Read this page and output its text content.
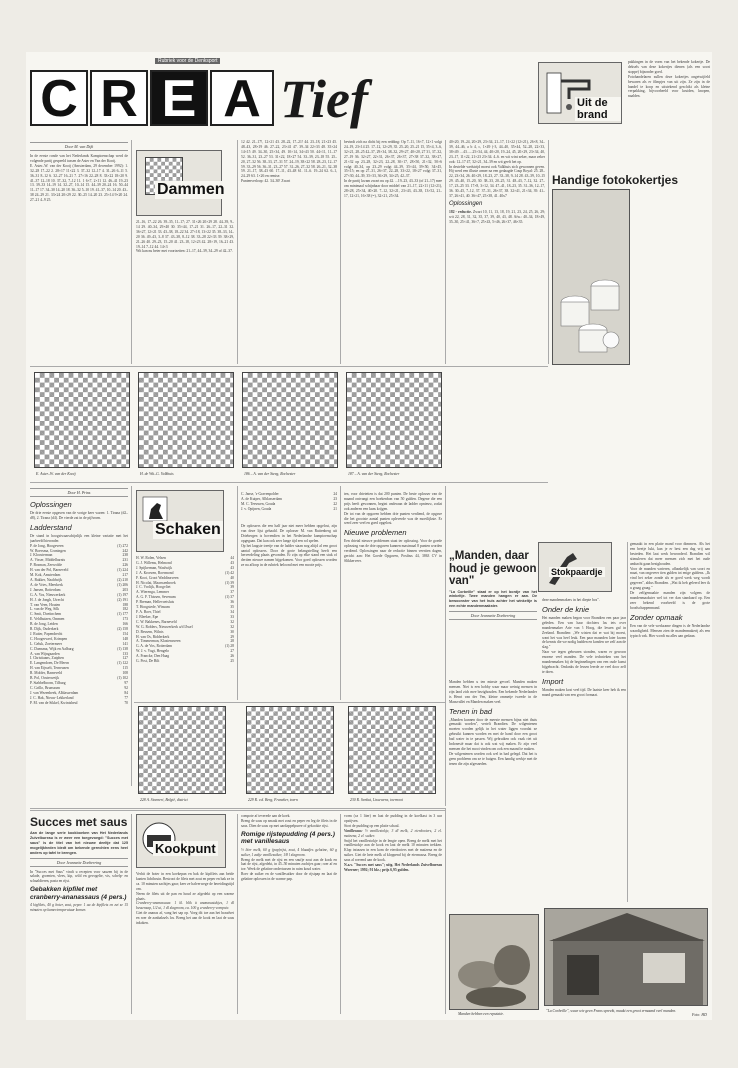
Rubriek voor de Denksport
C R E A Tief	Uit de brand
Door M. van Dijk

In de eerste ronde van het Nederlands Kampioenschap werd de volgende partij gespeeld tussen de Aster en Van der Kooij.

E. Aster–W. van der Kooij (Amsterdam, 29 december 1992): 1. 32–28 17–22 2. 28×17 11×22 3. 37–32 12–17 4. 31–26 6–11 5. 36–31 8–12 6. 32–27 16–21 7. 27×16 22–28 8. 33×22 18×20 9. 41–37 12–18 10. 37–32, 7–12 11. 1 6×7, 2×11 12. 46–41 19–23 13. 39–33 14–19 14. 32–27, 10–14 15. 44–39 20–24 16. 50–44 11–17 17. 34–30 14–20 18. 36–32 5–10 19. 41–37, 10–14 20. 43–38 24–29 21. 33×24 20×29 22. 30–25 14–20 23. 25×14 9×20 24. 27–21 4–9 25.

Dammen

21–16, 17–22 26. 39–35, 11–17; 27. 31×26 20×29 28. 44–39, 9–14 29. 40–34, 29×40 30. 35×44, 17–21 31. 26–17, 22–31 32. 36×27, 12×21 33. 43–38, 18–22 34. 27×18, 13×22 35. 38–33, 14–20 36. 49–43, 3–8 37. 43–38, 8–12 38. 33–28 22×33 39. 38×29, 21–26 40. 29–23, 15–20 41. 23–18, 12×23 42. 28×19, 16–21 43. 19–14 7–12 44. 14×3

Wit kan nu beter met voortzetten: 21–17, 44–39, 34–29 of 42–37.

12 42. 21–17!, 12×21 43. 28–22, 17–21! 44. 23–18, 21×23 45. 48–43, 28×19 46. 27–22, 23×41 47. 39–34 22×33 48. 35×24 14×15 49. 34–30, 25×34, 49. 10×14, 34×43 50. 44×11, 11–17 52. 36–31, 23–27 53. 31×22, 18×27 54. 33–39, 23–18 55. 25–20, 27–32 56. 38–33, 27–31 57. 24–19, 38×22 58. 28–23, 12–17 59. 33–29 56. 36–31, 23–27 57. 31–26, 27–32 58. 26–21, 32–38 59. 21–17, 38–43 60. 17–11, 43–48 61. 11–6. 19–24 62. 6–1, 24–29 63. 1×26 en remise.

Puntenverloop: 42. 34–30! Zwart

bevindt zich na dicht bij een redding: Op 7–11, 16×7, 12×1 volgt 24–19, 23×14 25. 17–12, 12×29, 35. 25–20, 25–21 15, 35×4, 3–6, 32×21, 28–25 42–37, 29×34, 38–32, 29×27, 40×20, 27 31, 37–32, 27–19 36. 32×27, 22×31, 26×37, 26×37, 27×38 37–32, 38×27, 21×32 op 23–28, 32×23, 22–28, 30×17, 28×50, 21×32, 50×6 volgt 40–34, op 23–29 volgt 44–39, 35×44, 39×50, 34×45, 35×15; en op 27–31, 26×37, 22–28, 33×22, 18×27 volgt 37–31, 27×30, 44–39, 35×33, 36×29, 34×25, 42–37.

In de partij kwam zwart nu op 42. ...19–23, 43–33 (of 21–17) mee om minimaal schijnbaar door middel van 21–17, 22×11 (12×21), 28×28, 25×34, 40×20. 7–12, 32×21, 23×43, 43–38, 13×52, 21–17, 12×21, 16×38 (=), 32×21, 25×34.

40×20, 19–24, 20×29, 23×34, 21–17, 11×22 (12×21), 26×8, 34–39, 44–46, a b 4, c, 1×49 (-3, 44–40, 35×44, 52–28, 22×33, 38×49. ...43......25×34, 44, 40×20, 19–24, 45, 20×29, 23×34, 40, 23–17, 11×22, 21×23 23×34. 4–6. en wit wint zeker, maar zeker ook: 12–17 47, 32×21, 34–39 en wit geeft het op.

In destelde wedstrijd moest ook Valkhuis zich gewonnen geven. Hij werd een illuste armer na een gedaagde Coup Royal: 25. 28–22, 23×34, 26. 40×29, 18–23, 27. 33–38, 9–14 28. 43–39, 10–15 29. 45–40, 15–20, 30. 38–33, 20–25, 31. 48–43, 7–12, 32. 27–17, 23–25 33. 17×8, 3×12, 34. 47–41, 18–23, 35. 31–36, 12–17, 36. 30–45, 7–12, 37. 37–31, 26×37, 38. 32×41, 21×34, 39. 41–37, 26×41, 40. 36×47, 25×38, 41. 40x7

Oplossingen

182 - reductie. Zwart 10, 11, 13, 18, 19, 21, 23, 24, 25, 26, 29; wit 22, 28, 31, 32, 35, 37, 39, 40, 43, 48. Afw.: 40–34, 18×49, 35–30, 25×41, 36×7, 25×43, 5×46, 26×37, 46×35.

pakkingen in de vorm van het bekende kokertje. De deksels van deze kokertjes dienen (als een soort stoppe) bijzonder goed.

Fotohandelaren zullen deze kokertjes ongetwijfeld bewaren als er filmpjes van uit zijn. Ze zijn in de handel te koop en uitstekend geschikt als kleine verpakking, bijvoorbeeld voor kruiden, knopen, naalden.

Handige fotokokertjes

E. Aster–W. van der Kooij	H. de Wit–G. Valkhuis	186 – A. van der Steeg, Rochester	187 – A. van der Steeg, Rochester
Door H. Prins
Oplossingen

De drie eerste opgaven van de vorige keer waren: 1. Tirana (d2–d8), 2. Tirana (d4). De vierde zat in de pijlvorm.

Ladderstand

De stand in hoogstwaarschijnlijk een kleine variatie met het jaarbeeld hieronder.

P. de Jong, Hoogeveen	(1) 272
W. Boersma, Groningen	242
J. Kloosterman	238
A. Visser, Middelharnis	231
P. Bosman, Zeewolde	226
H. van der Pol, Barneveld	(1) 224
M. Kok, Amsterdam	217
A. Bakker, Naaldwijk	(2) 210
A. de Vries, Meerkerk	(1) 206
J. Jansen, Rotterdam	203
G. A. Vos, Nieuwerkerk	(1) 197
H. J. de Jongh, Utrecht	(2) 191
T. van Veen, Houten	188
L. van de Weg, Silk	182
C. Smit, Doetinchem	(1) 177
E. Veldhuizen, Ommen	173
B. de Jong, Leiden	166
R. Dijk, Ouderkerk	(2) 158
J. Ruiter, Papendrecht	154
C. Hoogerwerf, Krimpen	148
L. Geluk, Zoetermeer	141
C. Damsma, Wijk en Aalburg	(1) 138
A. van Wijngaarden	133
I. Christiaans, Zutphen	127
E. Langendoen, De Meern	(1) 122
H. van Eijsselt, Terneuzen	115
R. Molder, Barneveld	108
B. Pol, Oosterweijk	(1) 102
P. Stabbelboom, Tilburg	97
C. Grillo, Brunssum	92
J. van Wezenbeek, Alblasserdam	84
J. C. Hak, Nieuw-Lekkerland	77
P. M. van de Sikkel, Kwintsheul	70
Schaken
H. W. Rolen, Velsen	44
G. J. Willems, Helmond	43
J. Spijkerman, Waalwijk	43
J. A. Kroezen, Roermond	(1) 42
F. Kooi, Groot Waddinxveen	40
H. Nicolai, Maarssenbroek	(1) 39
J. C. Vrolijk, Hoogvliet	39
A. Wierenga, Lemmer	37
A. G. F. Thissen, Sevenum	(1) 37
P. Breman, Hellevoetsluis	36
T. Hoogstede, Winsum	35
F. A. Boer, Thiel	34
J. Bleeker, Epe	33
C. W. Bakkenes, Barneveld	32
W. G. Roblers, Nieuwerkerk a/d IJssel	32
D. Bessem, Wilnis	30
H. van Os, Ridderkerk	29
A. Timmerman, Klazienaveen	28
G. A. de Vos, Rotterdam	(1) 28
W. J. v. Vugt, Hengelo	27
A. Francke, Den Haag	26
G. Post, De Bilt	25
C. Janse, 's-Gravenpolder	24
A. de Kuiper, Alblasserdam	23
M. C. Teeuwen, Gouda	22
J. v. Opijnen, Gouda	21

De oplossers die een half jaar niet meer hebben opgelost, zijn van deze lijst gehaald. De oplosser M. van Ruttenberg uit Driebergen is bovendien in het Nederlandse kampioenschap opgegaan. Dat kan ook zeer lange tijd een rol spelen.

Op het laagste treetje van de ladder staan nog altijd al een groot aantal oplossers. Door de grote belangstelling heeft een herverdeling plaats gevonden. Er zijn op elke stand een stuk of dertien nieuwe namen bijgekomen. Voor goed oplossen worden ze na afloop in de rubriek beloond met een mooie prijs.

ten, voor drietetten is dat 200 punten. De beste oplosser van de maand ontvangt een boekenbon van 50 gulden. Degene die een prijs heeft gewonnen, begint onderaan de ladder opnieuw, zodat ook anderen een kans krijgen.

De tot van de opgaven hebben drie punten verdiend, de opgave die het grootste aantal punten opleverde was de moeilijkste. Er werd zeer veel en goed opgelost.

Nieuwe problemen

Een drietal nieuwe problemen staat ter oplossing. Voor de goede oplossing van de drie opgaven kunnen maximaal 8 punten worden verdiend. Oplossingen naar de redactie binnen veertien dagen, gericht aan: Het Goede Opgaven, Postbus 44, 3863 CV in Slikkerveer.

228 A. Stoeneri, België, district	229 R. v.d. Berg, Franeker, toern	230 R. Senkut, Lissewera, toernooi
Stokpaardje
„Manden, daar houd je gewoon van"

"La Corbeille" staat er op het bordje van het winkeltje. Twee manden hangen er aan. De bewoonster van het huis achter het winkeltje is een echte mandenmaakster.

Door Jeannette Doeberring

Manden hebben u ten minste gevoel. Manden maken mensen. Niet is een hobby waar maar weinig mensen in zijn land zich mee bezighouden. Een bekende Nederlander is Henri van der Ven, kleine ommetje tweede in de Maasvallei en Manden maken veel.

Tenen in bad

„Manden kunnen door de meeste mensen bijna niet thuis gemaakt worden", vertelt Brandien. De wilgentenen moeten worden gelijk in het water liggen voordat ze gebruikt kunnen worden en met de hand door een groot bad water in te passen. Wij gebruiken ook vaak riet uit Indonesië maar dat is ook wat wij maken. Er zijn veel mensen die het mooi vinden om ook een maand te maken.

De wilgentenen worden ook wel in bad gelegd. Dat het is geen probleem om ze te buigen. Een handig werkje met de tenen die zijn afgesneden.

deze mandenmakers in het diepte bos".

Onder de knie

Het manden maken begon voor Brandien een paar jaar geleden. Een van haar dochters las iets over mandenmaker Arie van 't Hoog, die lessen gaf in Zeeland. Brandien: „We wisten dat er wat bij moest, want het was heel leuk. Een paar maanden later kwam de kennis die we nodig hadden en konden we zelf aan de slag."

Naar we tegen gebeuren stonden, waren er gewoon enorme veel manden. De vele technieken van het mandenmaken bij de beginnelingen van een oude kunst bijgebracht. Ondanks de lessen leerde ze veel door zelf te doen.

Import

Manden maken kost veel tijd. De laatste keer heb ik een mand gemaakt van een groot formaat.

gemaakt in een platte mand voor dimmers. Als het een beetje lukt, kan je er best een dag vrij aan besteden. Het laat werk bewonderd. Brandien wil stimuleren dat meer mensen zich met het oude ambacht gaan bezighouden.

Voor de manden varieren, afhankelijk van soort en maat, van ongeveer tien gulden tot enige guldens. „Ik vind het zeker zonde als er goed werk weg wordt gegeven", aldus Brandien. „Wat ik heb geleerd leer ik u graag graag."

De zelfgemaakte manden zijn volgens de mandenmaakster wel tot ver dan standaard op. Een zeer bekend voorbeeld is de grote boodschappenmand.

Zonder opmaak

Een van de vele werkzame dingen is de Nederlandse waardigheid. Mensen zien de mandenmakerij als een typisch vak. Hier wordt nu alles aan gedaan.

Succes met saus

Aan de lange serie kookboeken van Het Nederlands Zuivelbureau is er weer een toegevoegd: "Succes met saus" is de titel van het nieuwe deeltje dat 125 mogelijkheden biedt om bekende gerechten eens heel anders op tafel te brengen.

Door Jeannette Doeberring

In "Succes met Saus" vindt u recepten voor sauzen bij in de salade, groenten, vlees, kip, wild en gevogelte, vis, schelp- en schaaldieren, pasta en rijst.

Gebakken kipfilet met cranberry-ananassaus (4 pers.)

4 kipfilets, 40 g boter, zout, peper. 1 aa de kipfilets en zet ze 15 minuten op kamertemperatuur komen.

Kookpunt

Verhit de boter in een koekepan en bak de kipfilets aan beide kanten lichtbruin. Bestrooi de filets met zout en peper en bak ze in ca. 10 minuten zachtjes gaar; keer ze halverwege de bereidingstijd om.

Neem de filets uit de pan en houd ze afgedekt op een warme plaats.

Cranberry-ananassaus: 1 kl. blik à ananassstukjes, 1 dl bessensap, 1/2 ui, 1 dl slagroom, ca. 100 g cranberry-compote.

Giet de ananas af, vang het sap op. Voeg dit toe aan het braadvet en roer de aanbaksels los. Breng het aan de kook en laat de saus inkoken.

compote af teverede aan de koek.

Breng de saus op smaak met zout en peper en leg de filets in de saus. Dien de saus op met aardappelpuree of gekookte rijst.

Romige rijstepudding (4 pers.) met vanillesaus

½ liter melk, 60 g (pap)rijst, zout, 4 blaadjes gelatine, 60 g suiker, 1 zakje vanillesuiker, 1/8 l slagroom.

Breng de melk met de rijst en een snufje zout aan de kook en laat de rijst, afgedekt, in 45–50 minuten zachtjes gaar; roer af en toe. Week de gelatine ondertussen in ruim koud water.

Roer de suiker en de vanillesuiker door de rijstpap en laat de gelatine oplossen in de warme pap.

vorm (ca 1 liter) en laat de pudding in de koelkast in 3 uur opstijven.

Stort de pudding op een platte schaal.

Vanillesaus: ½ vanillestokje, 3 dl melk, 2 eierdooiers, 2 el. maïzena, 2 el. suiker.

Snijd het vanillestokje in de lengte open. Breng de melk met het vanillestokje aan de kook en laat de melk 10 minuten trekken. Klop intussen in een kom de eierdooiers met de maïzena en de suiker. Giet de hete melk al kloppend bij de eiermassa. Breng de saus al roerend aan de kook.

N.a.v. "Succes met saus"; uitg. Het Nederlands Zuivelbureau Woerner; 1992; 91 blz.; prijs 6,95 gulden.

Manden hebben een reputatie.
"La Corbeille", waar wie geen Frans spreekt, maakt een groot ermaand veel manden.
Foto: HD
